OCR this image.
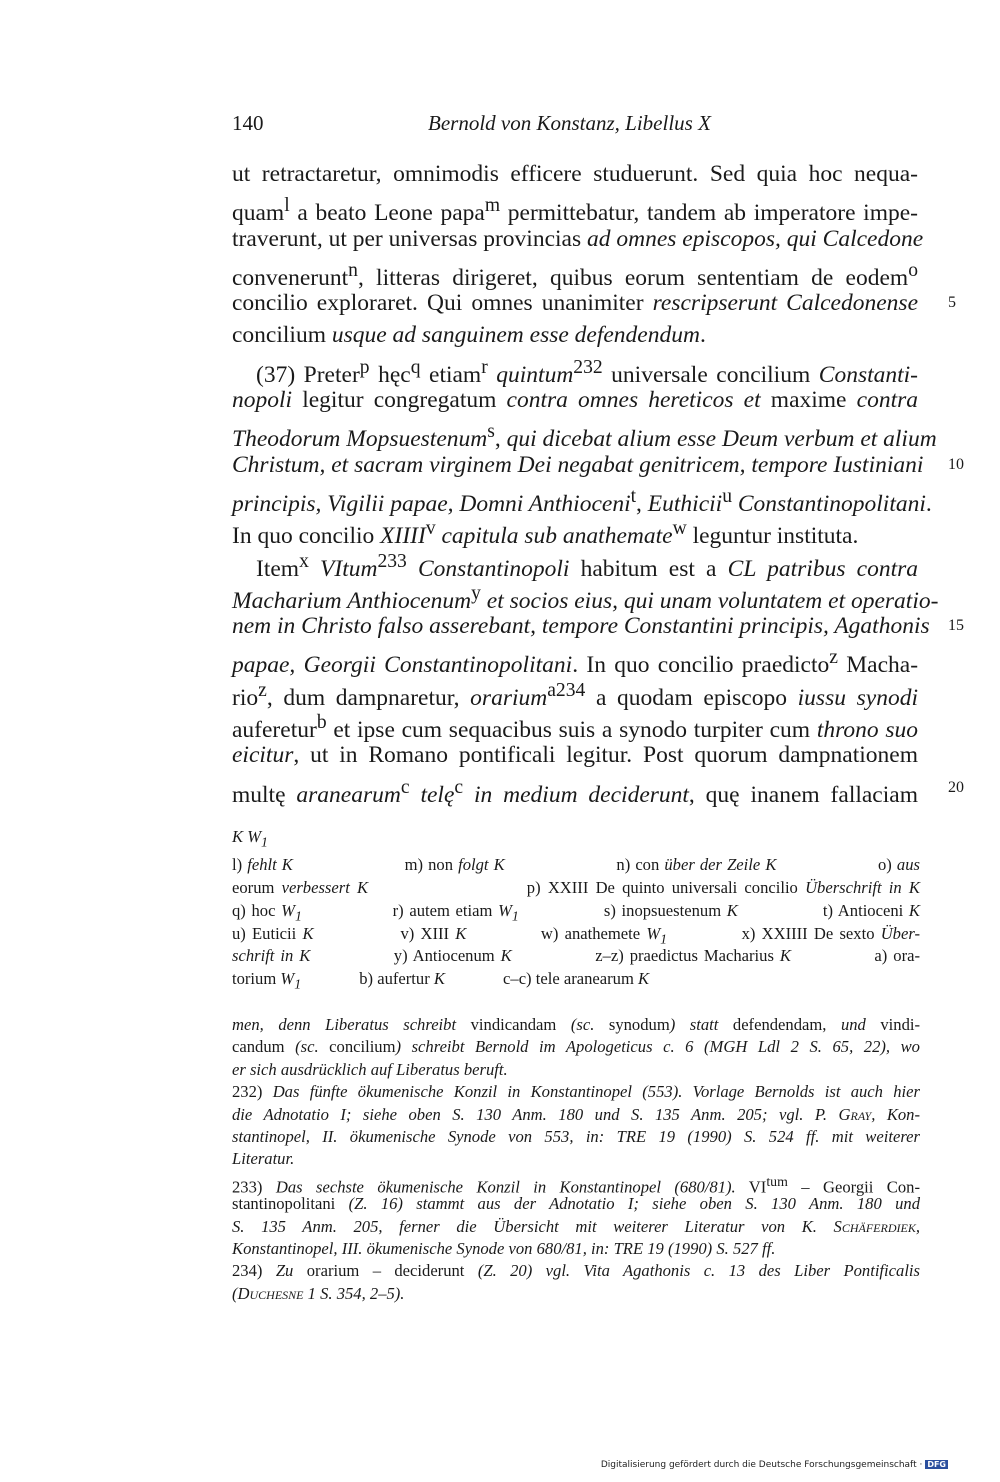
140	Bernold von Konstanz, Libellus X
ut retractaretur, omnimodis efficere studuerunt. Sed quia hoc nequa-
quam$^l$ a beato Leone papa$^m$ permittebatur, tandem ab imperatore impe-
traverunt, ut per universas provincias ad omnes episcopos, qui Calcedone
convenerunt$^n$, litteras dirigeret, quibus eorum sententiam de eodem$^o$
concilio exploraret. Qui omnes unanimiter rescripserunt Calcedonense
concilium usque ad sanguinem esse defendendum.
(37) Preter$^p$ hęc$^q$ etiam$^r$ quintum$^{232}$ universale concilium Constanti-
nopoli legitur congregatum contra omnes hereticos et maxime contra
Theodorum Mopsuestenum$^s$, qui dicebat alium esse Deum verbum et alium
Christum, et sacram virginem Dei negabat genitricem, tempore Iustiniani
principis, Vigilii papae, Domni Anthioceni$^t$, Euthicii$^u$ Constantinopolitani.
In quo concilio XIIII$^v$ capitula sub anathemate$^w$ leguntur instituta.
Item$^x$ VItum$^{233}$ Constantinopoli habitum est a CL patribus contra
Macharium Anthiocenum$^y$ et socios eius, qui unam voluntatem et operatio-
nem in Christo falso asserebant, tempore Constantini principis, Agathonis
papae, Georgii Constantinopolitani. In quo concilio praedicto$^z$ Macha-
rio$^z$, dum dampnaretur, orarium$^{a234}$ a quodam episcopo iussu synodi
auferetur$^b$ et ipse cum sequacibus suis a synodo turpiter cum throno suo
eicitur, ut in Romano pontificali legitur. Post quorum dampnationem
multę aranearum$^c$ telę$^c$ in medium deciderunt, quę inanem fallaciam
5
10
15
20
K $W_1$
l) fehlt K                      m) non folgt K                      n) con über der Zeile K                    o) aus
eorum verbessert K                      p) XXIII De quinto universali concilio Überschrift in K
q) hoc $W_1$                r) autem etiam $W_1$               s) inopsuestenum K               t) Antioceni K
u) Euticii K              v) XIII K            w) anathemete $W_1$            x) XXIIII De sexto Über-
schrift in K              y) Antiocenum K              z–z) praedictus Macharius K              a) ora-
torium $W_1$              b) aufertur K              c–c) tele aranearum K
men, denn Liberatus schreibt vindicandam (sc. synodum) statt defendendam, und vindi-
candum (sc. concilium) schreibt Bernold im Apologeticus c. 6 (MGH Ldl 2 S. 65, 22), wo
er sich ausdrücklich auf Liberatus beruft.
232) Das fünfte ökumenische Konzil in Konstantinopel (553). Vorlage Bernolds ist auch hier
die Adnotatio I; siehe oben S. 130 Anm. 180 und S. 135 Anm. 205; vgl. P. Gray, Kon-
stantinopel, II. ökumenische Synode von 553, in: TRE 19 (1990) S. 524 ff. mit weiterer
Literatur.
233) Das sechste ökumenische Konzil in Konstantinopel (680/81). $VI^{tum}$ – Georgii Con-
stantinopolitani (Z. 16) stammt aus der Adnotatio I; siehe oben S. 130 Anm. 180 und
S. 135 Anm. 205, ferner die Übersicht mit weiterer Literatur von K. Schäferdiek,
Konstantinopel, III. ökumenische Synode von 680/81, in: TRE 19 (1990) S. 527 ff.
234) Zu orarium – deciderunt (Z. 20) vgl. Vita Agathonis c. 13 des Liber Pontificalis
(Duchesne 1 S. 354, 2–5).
Digitalisierung gefördert durch die Deutsche Forschungsgemeinschaft · DFG
